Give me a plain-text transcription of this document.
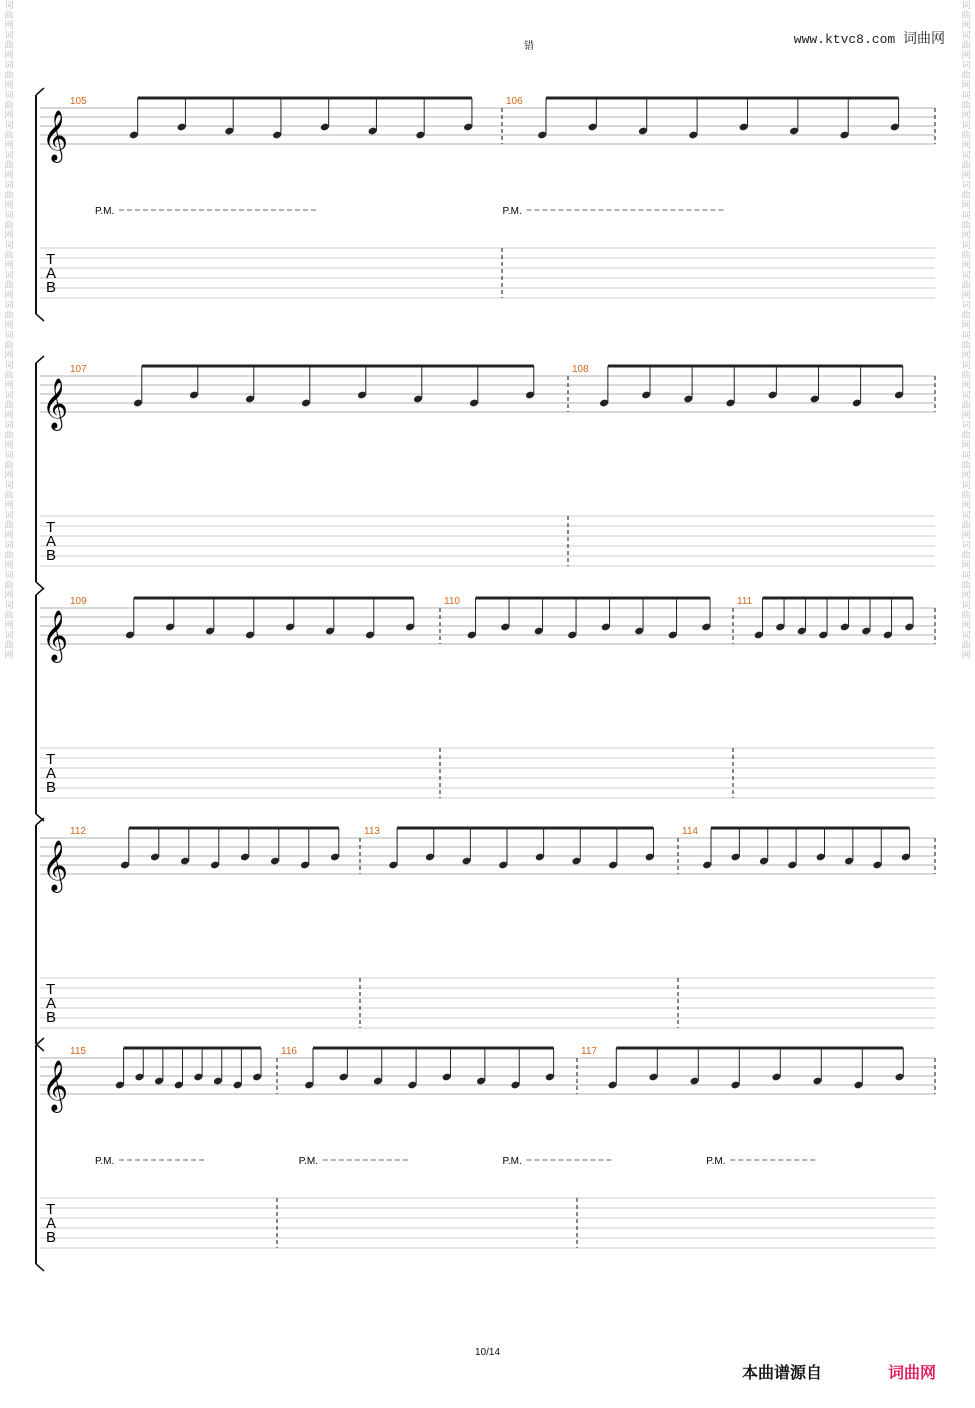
词曲网 词曲网 词曲网 词曲网 词曲网 词曲网 词曲网 词曲网 词曲网 词曲网 词曲网 词曲网 词曲网 词曲网 词曲网 词曲网 词曲网 词曲网 词曲网 词曲网 词曲网 词曲网
词曲网 词曲网 词曲网 词曲网 词曲网 词曲网 词曲网 词曲网 词曲网 词曲网 词曲网 词曲网 词曲网 词曲网 词曲网 词曲网 词曲网 词曲网 词曲网 词曲网 词曲网 词曲网
www.ktvc8.com 词曲网
错
𝄞
T
A
B
105	106
P.M.	P.M.
𝄞
T
A
B
107	108
𝄞
T
A
B
109	110	111
𝄞
T
A
B
112	113	114
𝄞
T
A
B
115	116	117
P.M.	P.M.	P.M.	P.M.
10/14
本曲谱源自	词曲网
